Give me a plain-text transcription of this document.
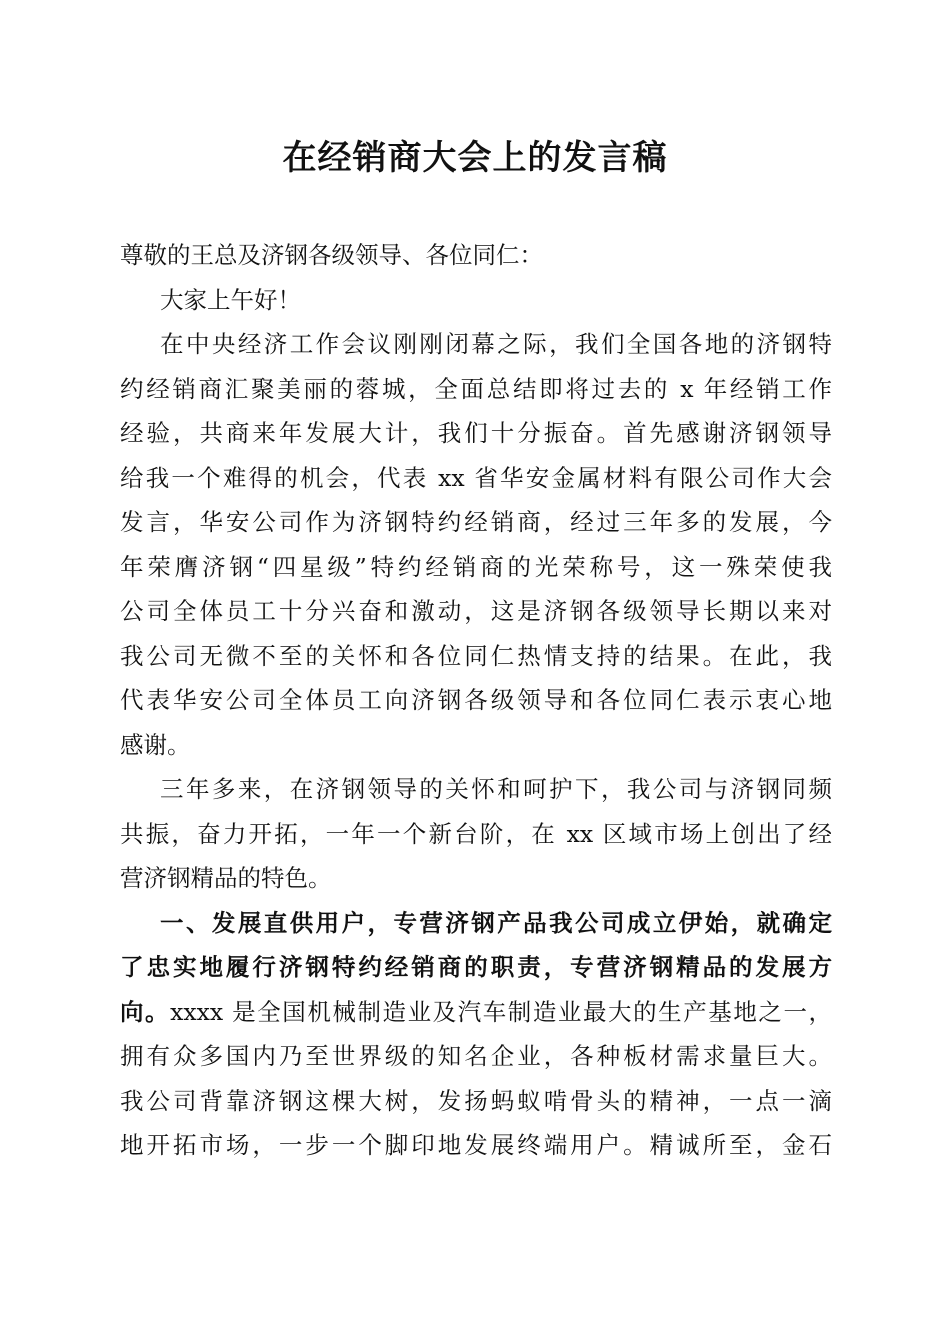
在经销商大会上的发言稿
尊敬的王总及济钢各级领导、各位同仁：
大家上午好！
在中央经济工作会议刚刚闭幕之际，我们全国各地的济钢特
约经销商汇聚美丽的蓉城，全面总结即将过去的 x 年经销工作
经验，共商来年发展大计，我们十分振奋。首先感谢济钢领导
给我一个难得的机会，代表 xx 省华安金属材料有限公司作大会
发言，华安公司作为济钢特约经销商，经过三年多的发展，今
年荣膺济钢“四星级”特约经销商的光荣称号，这一殊荣使我
公司全体员工十分兴奋和激动，这是济钢各级领导长期以来对
我公司无微不至的关怀和各位同仁热情支持的结果。在此，我
代表华安公司全体员工向济钢各级领导和各位同仁表示衷心地
感谢。
三年多来，在济钢领导的关怀和呵护下，我公司与济钢同频
共振，奋力开拓，一年一个新台阶，在 xx 区域市场上创出了经
营济钢精品的特色。
一、发展直供用户，专营济钢产品我公司成立伊始，就确定
了忠实地履行济钢特约经销商的职责，专营济钢精品的发展方
向。xxxx 是全国机械制造业及汽车制造业最大的生产基地之一，
拥有众多国内乃至世界级的知名企业，各种板材需求量巨大。
我公司背靠济钢这棵大树，发扬蚂蚁啃骨头的精神，一点一滴
地开拓市场，一步一个脚印地发展终端用户。精诚所至，金石
